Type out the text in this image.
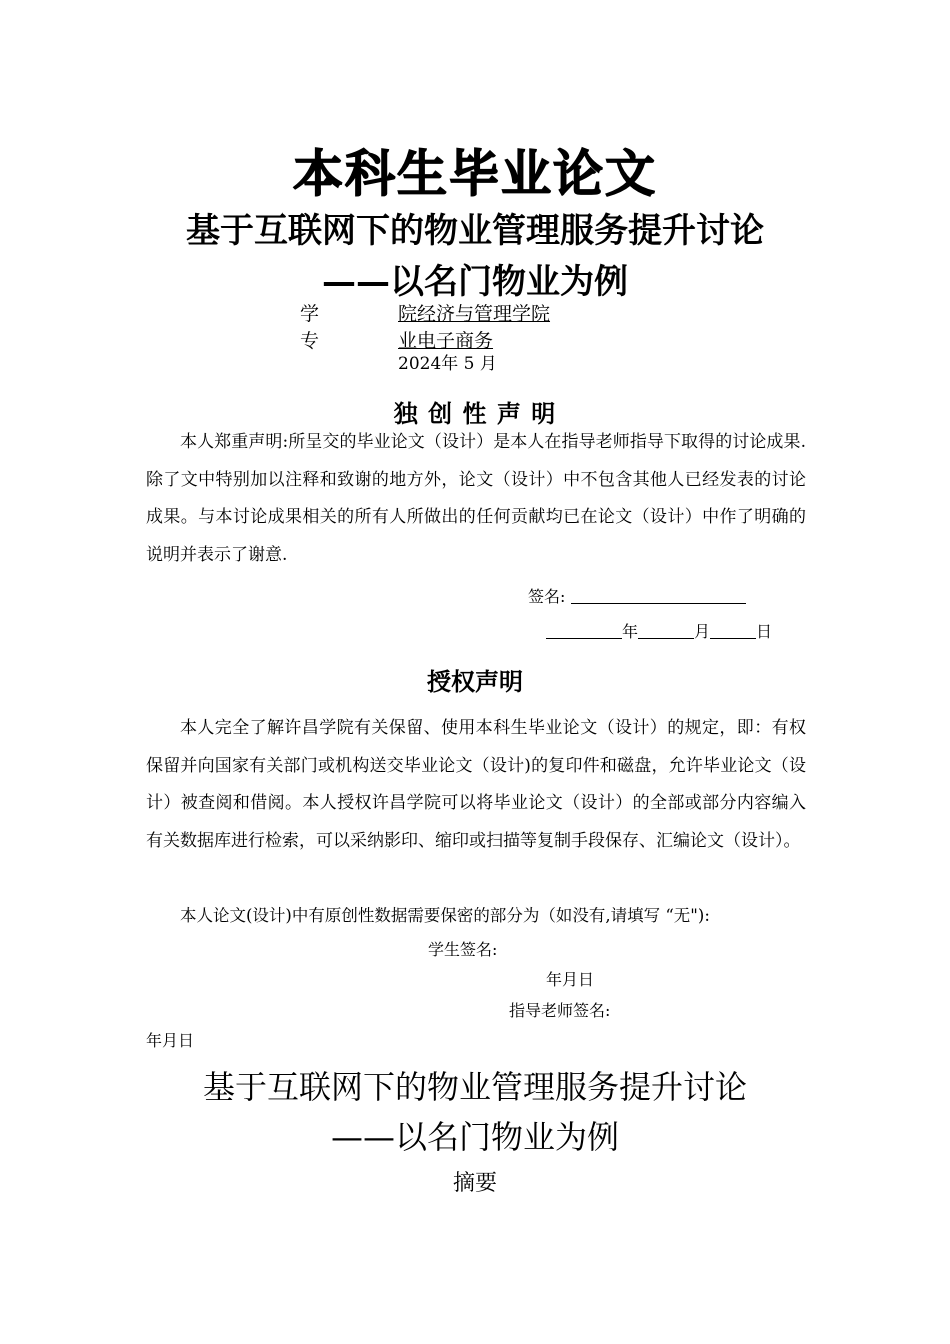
本科生毕业论文
基于互联网下的物业管理服务提升讨论
——以名门物业为例
学	院经济与管理学院
专	业电子商务
2024年 5 月
独 创 性 声 明
本人郑重声明:所呈交的毕业论文（设计）是本人在指导老师指导下取得的讨论成果.除了文中特别加以注释和致谢的地方外，论文（设计）中不包含其他人已经发表的讨论成果。与本讨论成果相关的所有人所做出的任何贡献均已在论文（设计）中作了明确的说明并表示了谢意.
签名:
年	月	日
授权声明
本人完全了解许昌学院有关保留、使用本科生毕业论文（设计）的规定，即：有权保留并向国家有关部门或机构送交毕业论文（设计)的复印件和磁盘，允许毕业论文（设计）被查阅和借阅。本人授权许昌学院可以将毕业论文（设计）的全部或部分内容编入有关数据库进行检索，可以采纳影印、缩印或扫描等复制手段保存、汇编论文（设计）。
本人论文(设计)中有原创性数据需要保密的部分为（如没有,请填写 “无"):
学生签名:
年月日
指导老师签名:
年月日
基于互联网下的物业管理服务提升讨论
——以名门物业为例
摘要
